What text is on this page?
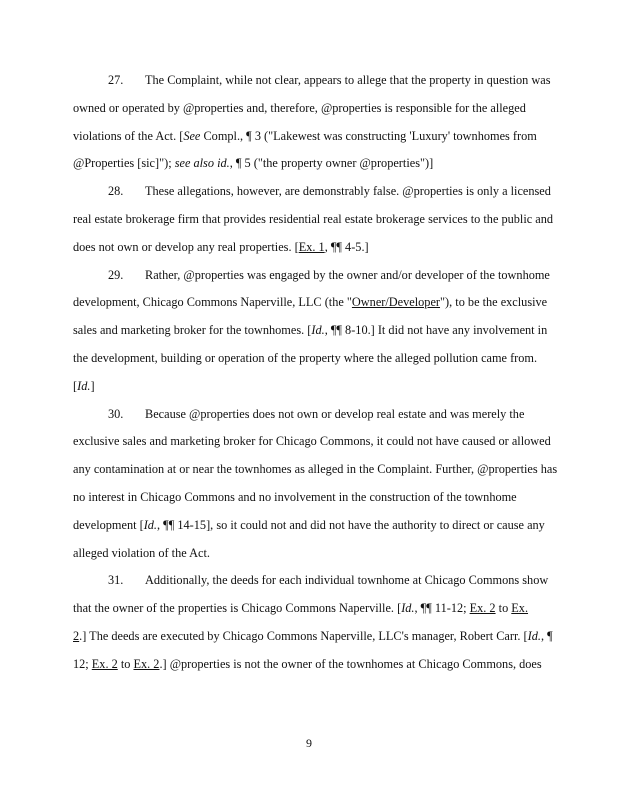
27. The Complaint, while not clear, appears to allege that the property in question was
owned or operated by @properties and, therefore, @properties is responsible for the alleged
violations of the Act. [See Compl., ¶ 3 ("Lakewest was constructing 'Luxury' townhomes from
@Properties [sic]"); see also id., ¶ 5 ("the property owner @properties")]
28. These allegations, however, are demonstrably false. @properties is only a licensed
real estate brokerage firm that provides residential real estate brokerage services to the public and
does not own or develop any real properties. [Ex. 1, ¶¶ 4-5.]
29. Rather, @properties was engaged by the owner and/or developer of the townhome
development, Chicago Commons Naperville, LLC (the "Owner/Developer"), to be the exclusive
sales and marketing broker for the townhomes. [Id., ¶¶ 8-10.] It did not have any involvement in
the development, building or operation of the property where the alleged pollution came from.
[Id.]
30. Because @properties does not own or develop real estate and was merely the
exclusive sales and marketing broker for Chicago Commons, it could not have caused or allowed
any contamination at or near the townhomes as alleged in the Complaint. Further, @properties has
no interest in Chicago Commons and no involvement in the construction of the townhome
development [Id., ¶¶ 14-15], so it could not and did not have the authority to direct or cause any
alleged violation of the Act.
31. Additionally, the deeds for each individual townhome at Chicago Commons show
that the owner of the properties is Chicago Commons Naperville. [Id., ¶¶ 11-12; Ex. 2 to Ex.
2.] The deeds are executed by Chicago Commons Naperville, LLC's manager, Robert Carr. [Id., ¶
12; Ex. 2 to Ex. 2.] @properties is not the owner of the townhomes at Chicago Commons, does
9
